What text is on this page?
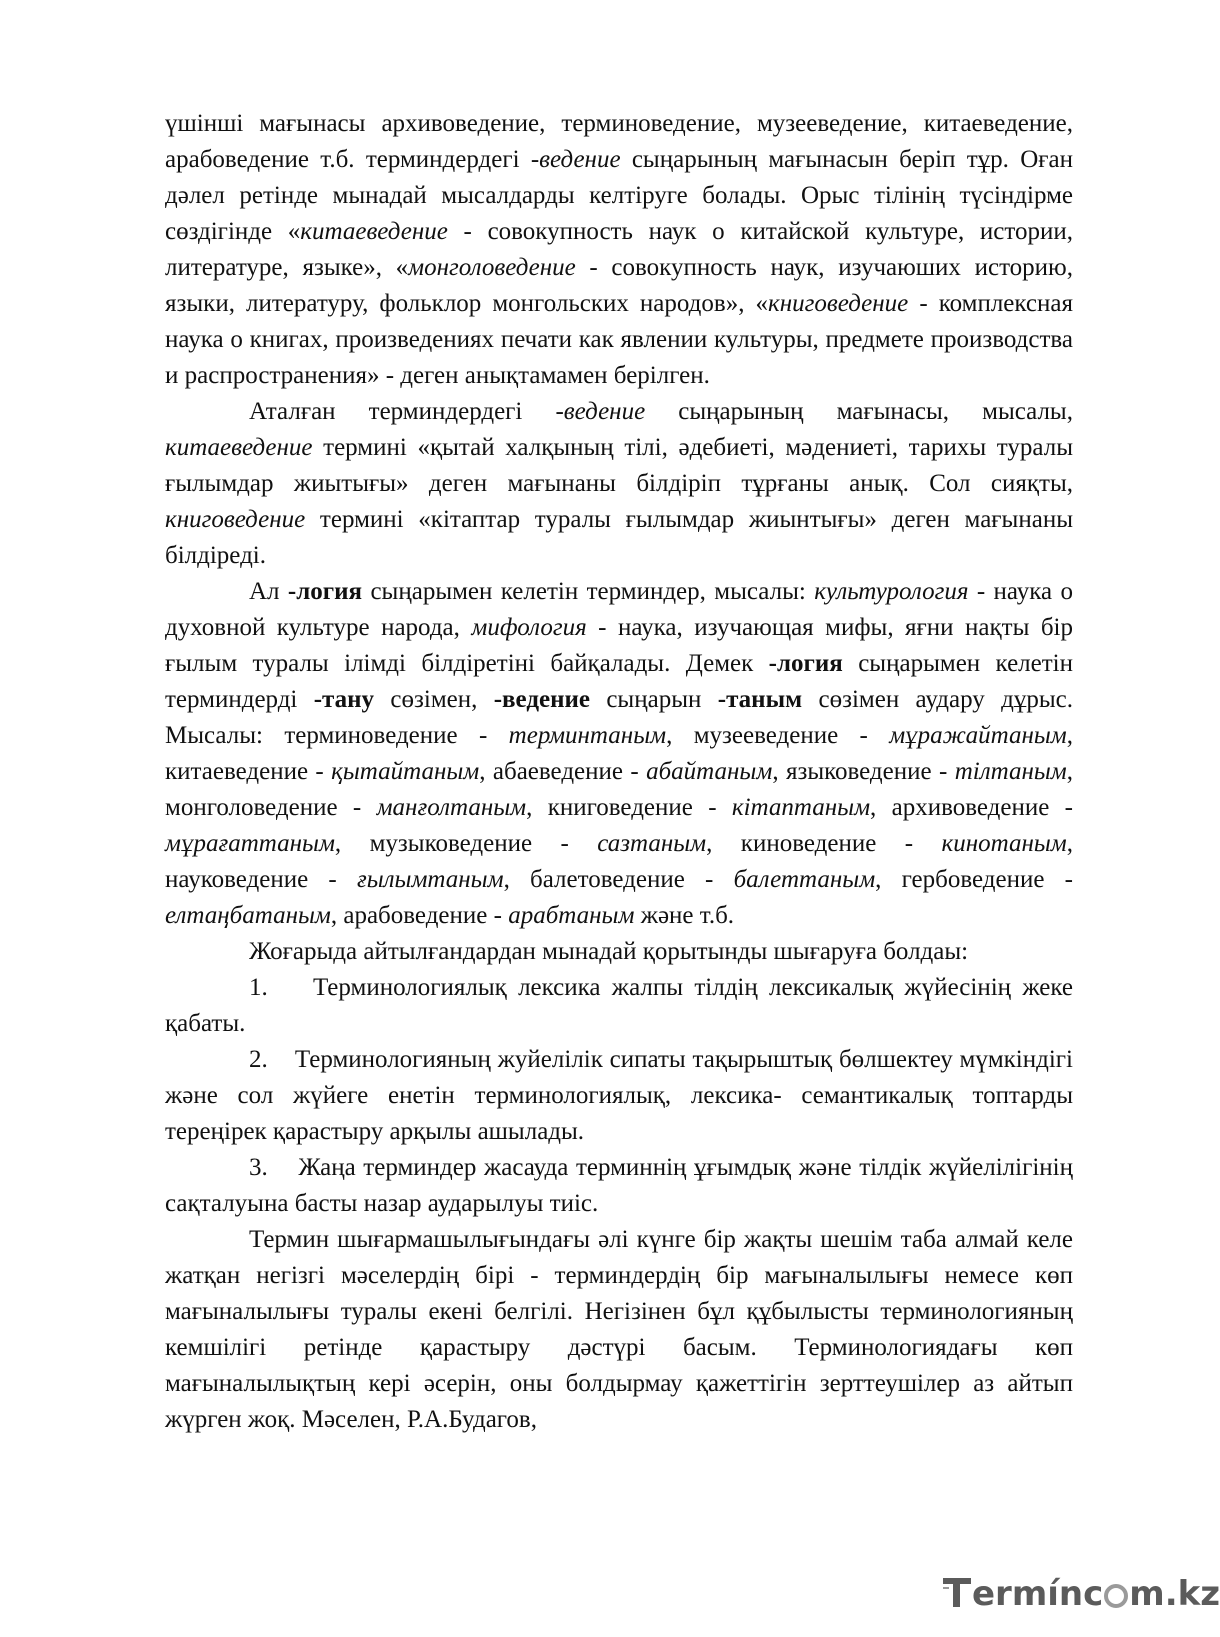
үшінші мағынасы архивоведение, терминоведение, музееведение, китаеведение, арабоведение т.б. терминдердегі -ведение сыңарының мағынасын беріп тұр. Оған дәлел ретінде мынадай мысалдарды келтіруге болады. Орыс тілінің түсіндірме сөздігінде «китаеведение - совокупность наук о китайской культуре, истории, литературе, языке», «монголоведение - совокупность наук, изучаюших историю, языки, литературу, фольклор монгольских народов», «книговедение - комплексная наука о книгах, произведениях печати как явлении культуры, предмете производства и распространения» - деген анықтамамен берілген.

Аталған терминдердегі -ведение сыңарының мағынасы, мысалы, китаеведение термині «қытай халқының тілі, әдебиеті, мәдениеті, тарихы туралы ғылымдар жиытығы» деген мағынаны білдіріп тұрғаны анық. Сол сияқты, книговедение термині «кітаптар туралы ғылымдар жиынтығы» деген мағынаны білдіреді.

Ал -логия сыңарымен келетін терминдер, мысалы: культурология - наука о духовной культуре народа, мифология - наука, изучающая мифы, яғни нақты бір ғылым туралы ілімді білдіретіні байқалады. Демек -логия сыңарымен келетін терминдерді -тану сөзімен, -ведение сыңарын -таным сөзімен аудару дұрыс. Мысалы: терминоведение - терминтаным, музееведение - мұражайтаным, китаеведение - қытайтаным, абаеведение - абайтаным, языковедение - тілтаным, монголоведение - манғолтаным, книговедение - кітаптаным, архивоведение - мұрағаттаным, музыковедение - сазтаным, киноведение - кинотаным, науковедение - ғылымтаным, балетоведение - балеттаным, гербоведение - елтаңбатаным, арабоведение - арабтаным және т.б.

Жоғарыда айтылғандардан мынадай қорытынды шығаруға болдаы:

1.    Терминологиялық лексика жалпы тілдің лексикалық жүйесінің жеке қабаты.

2.    Терминологияның жуйелілік сипаты тақырыштық бөлшектеу мүмкіндігі және сол жүйеге енетін терминологиялық, лексика- семантикалық топтарды тереңірек қарастыру арқылы ашылады.

3.    Жаңа терминдер жасауда терминнің ұғымдық және тілдік жүйелілігінің сақталуына басты назар аударылуы тиіс.

Термин шығармашылығындағы әлі күнге бір жақты шешім таба алмай келе жатқан негізгі мәселердің бірі - терминдердің бір мағыналылығы немесе көп мағыналылығы туралы екені белгілі. Негізінен бұл құбылысты терминологияның кемшілігі ретінде қарастыру дәстүрі басым. Терминологиядағы көп мағыналылықтың кері әсерін, оны болдырмау қажеттігін зерттеушілер аз айтып жүрген жоқ. Мәселен, Р.А.Будагов,

ermínc m.kz
